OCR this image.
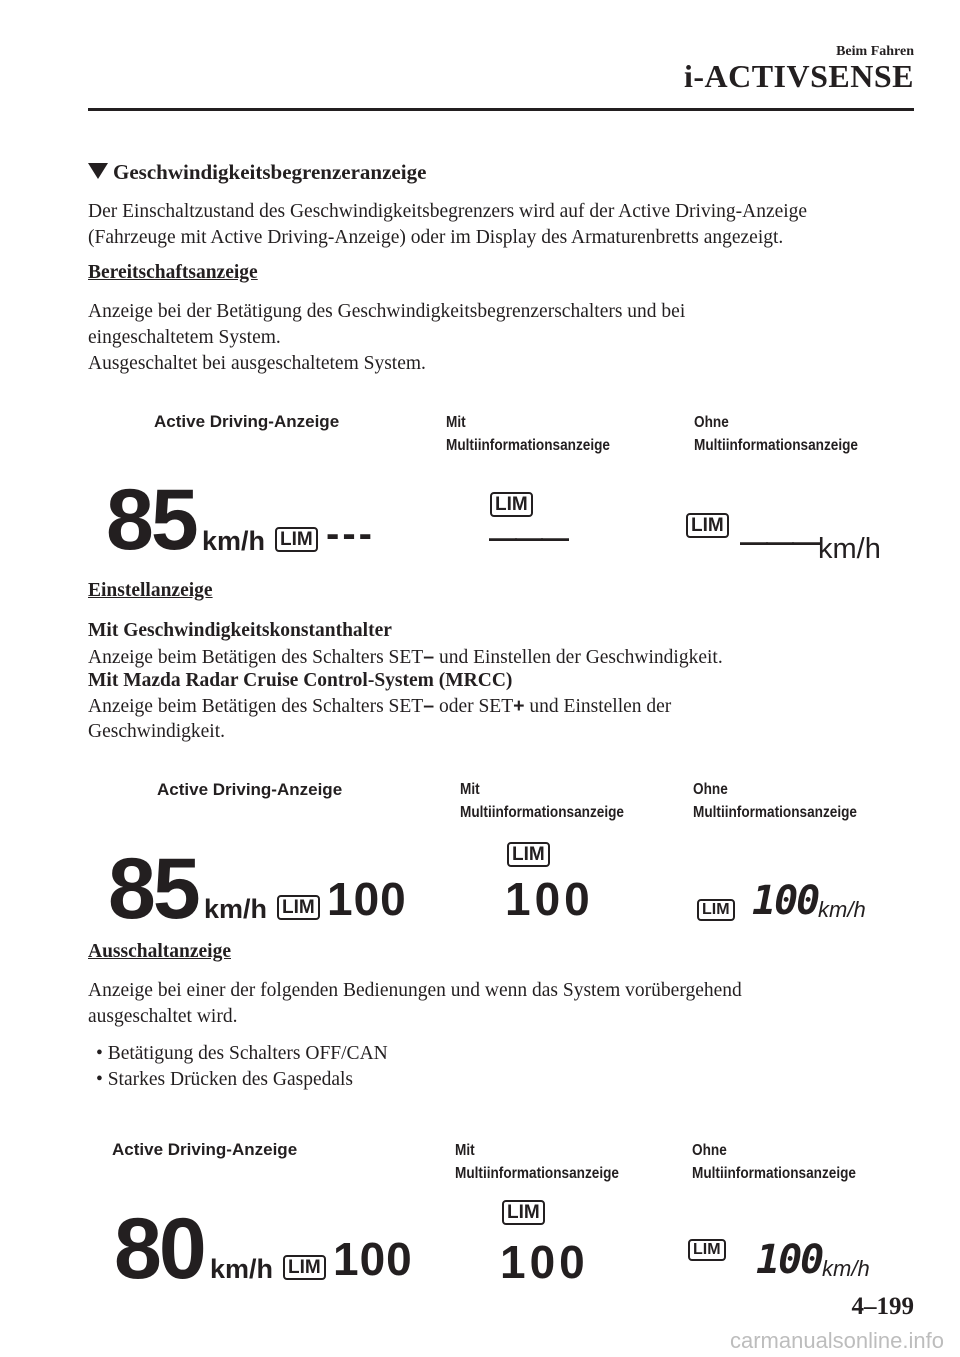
Beim Fahren
i-ACTIVSENSE
Geschwindigkeitsbegrenzeranzeige
Der Einschaltzustand des Geschwindigkeitsbegrenzers wird auf der Active Driving-Anzeige
(Fahrzeuge mit Active Driving-Anzeige) oder im Display des Armaturenbretts angezeigt.
Bereitschaftsanzeige
Anzeige bei der Betätigung des Geschwindigkeitsbegrenzerschalters und bei
eingeschaltetem System.
Ausgeschaltet bei ausgeschaltetem System.
Active Driving-Anzeige	Mit
Multiinformationsanzeige
Ohne
Multiinformationsanzeige
85 km/h LIM ---
LIM
———	LIM
——— km/h
Einstellanzeige
Mit Geschwindigkeitskonstanthalter
Anzeige beim Betätigen des Schalters SET– und Einstellen der Geschwindigkeit.
Mit Mazda Radar Cruise Control-System (MRCC)
Anzeige beim Betätigen des Schalters SET– oder SET+ und Einstellen der
Geschwindigkeit.
Active Driving-Anzeige	Mit
Multiinformationsanzeige
Ohne
Multiinformationsanzeige
85 km/h LIM 100
LIM
100	LIM 100 km/h
Ausschaltanzeige
Anzeige bei einer der folgenden Bedienungen und wenn das System vorübergehend
ausgeschaltet wird.
• Betätigung des Schalters OFF/CAN
• Starkes Drücken des Gaspedals
Active Driving-Anzeige	Mit
Multiinformationsanzeige
Ohne
Multiinformationsanzeige
80 km/h LIM 100
LIM
100	LIM 100 km/h
4–199
carmanualsonline.info
